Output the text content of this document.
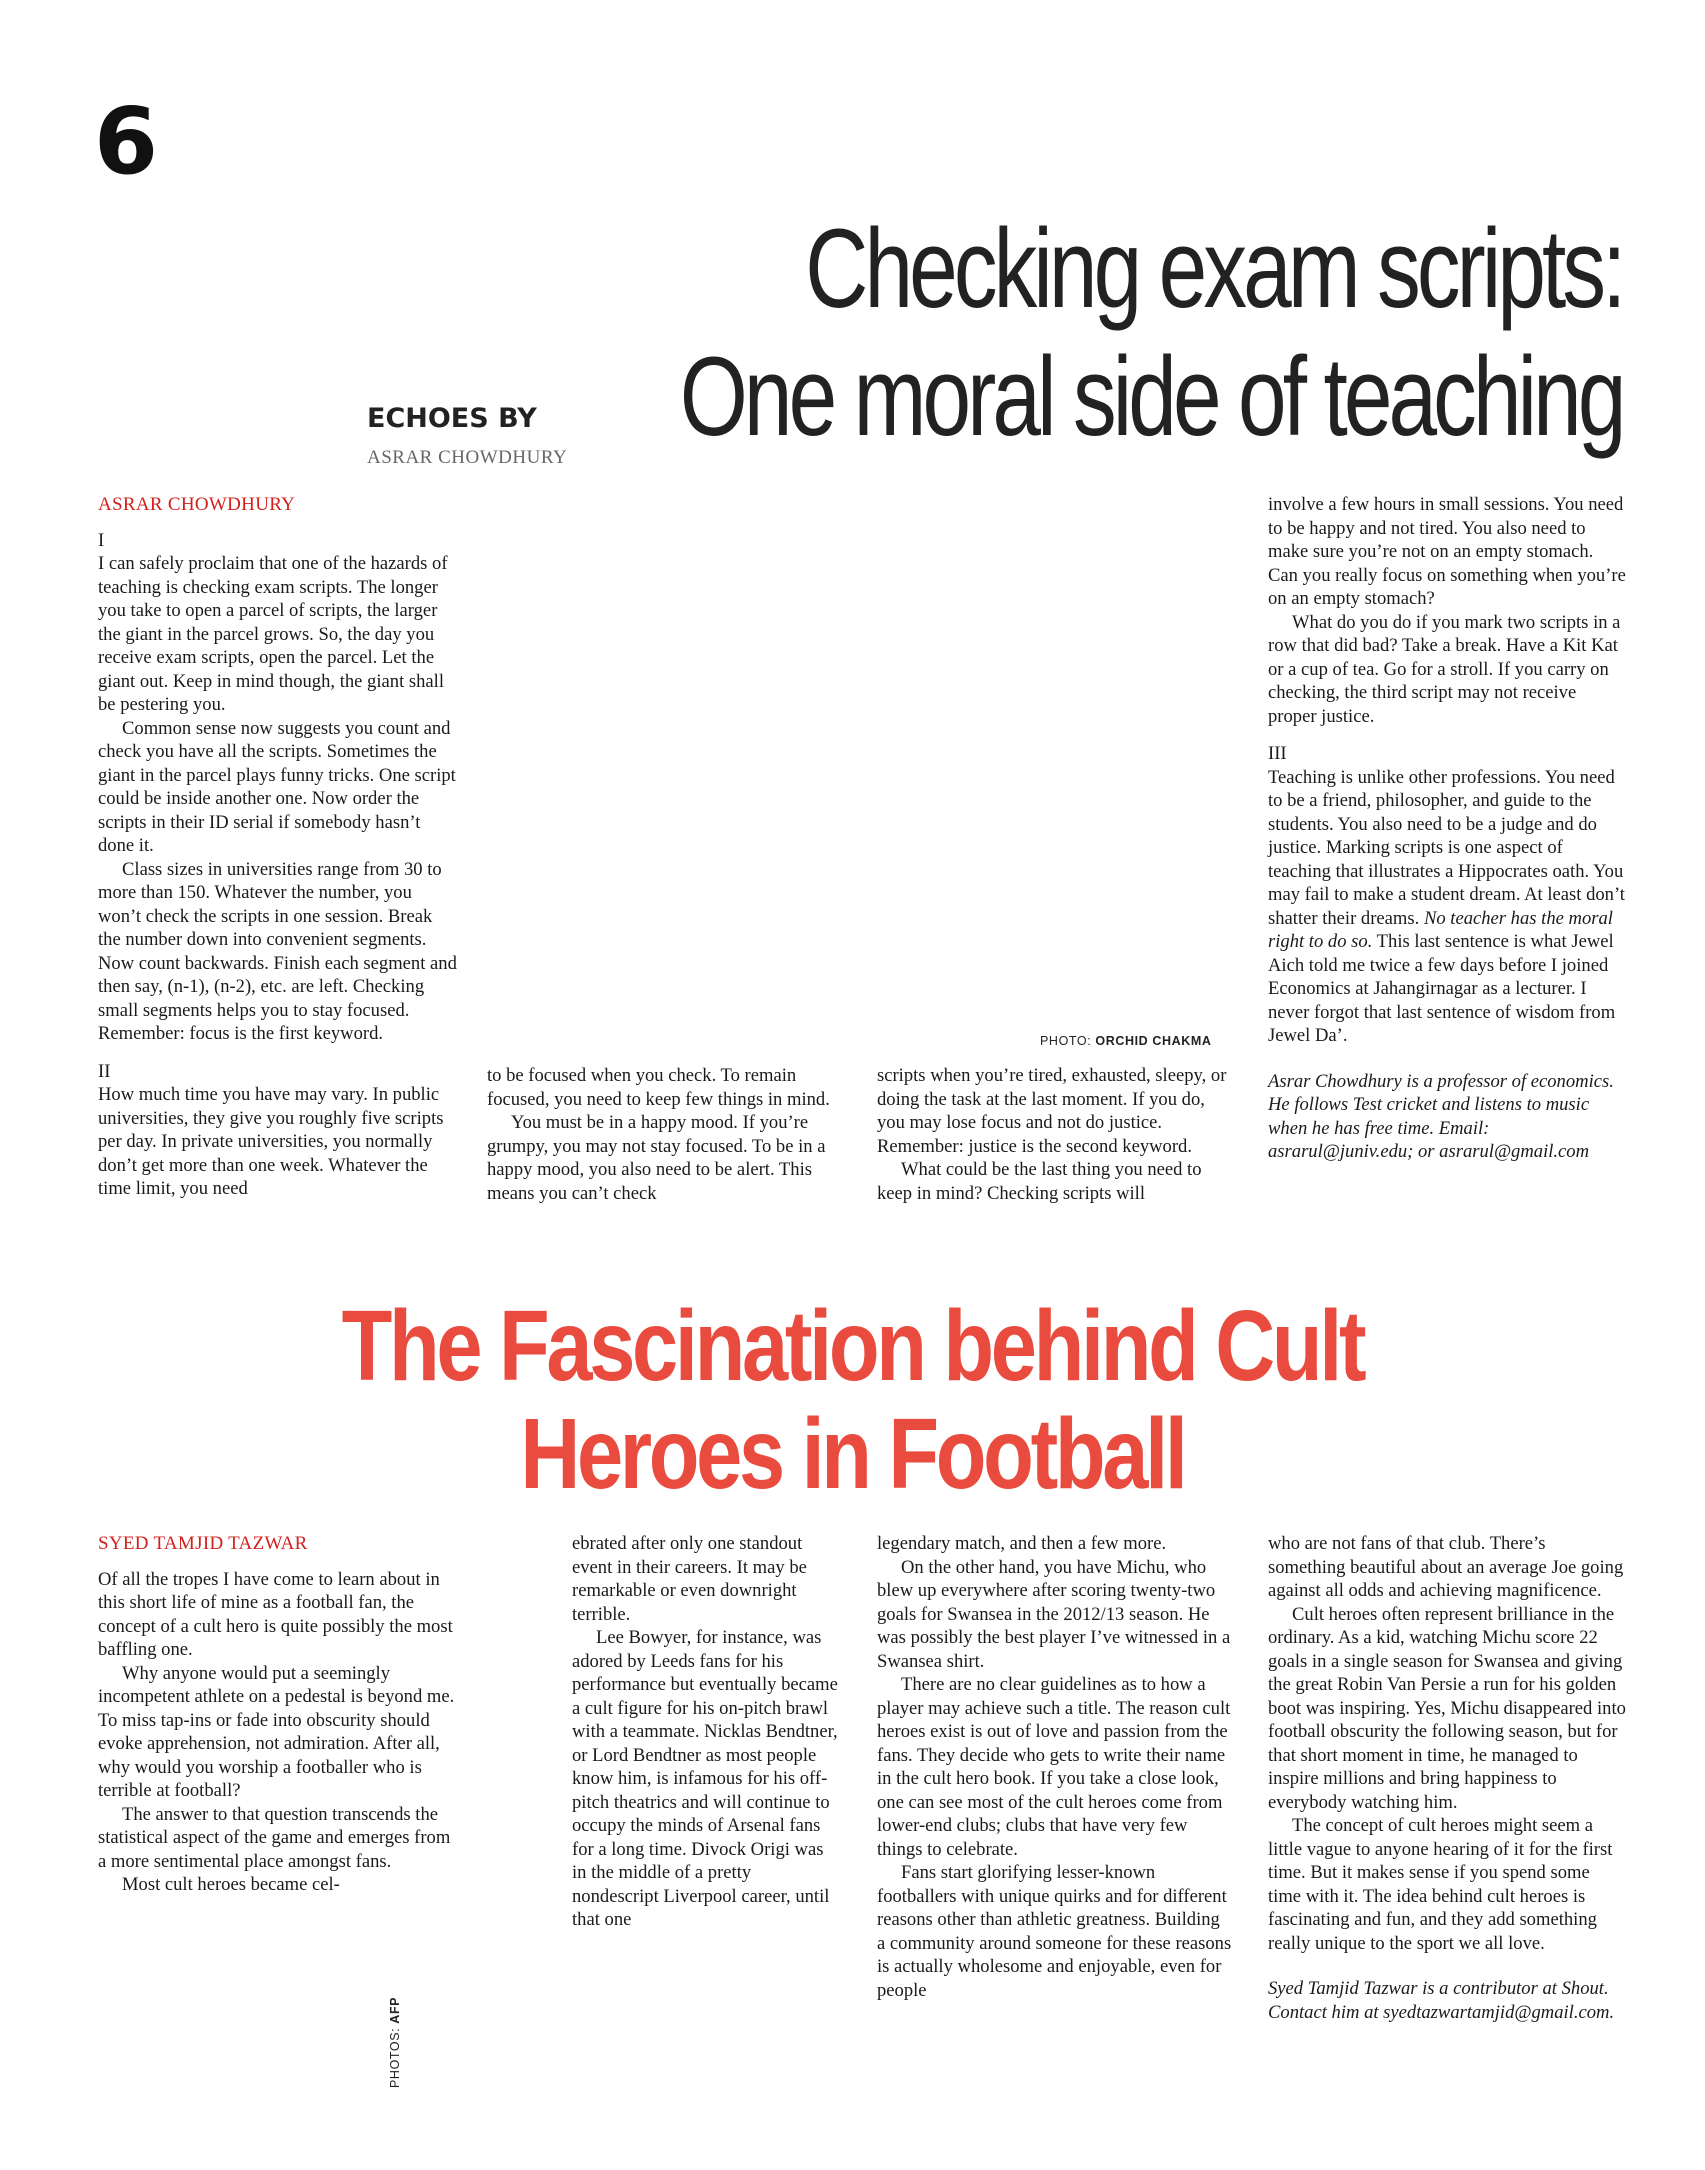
6
Checking exam scripts:
One moral side of teaching
ECHOES BY
ASRAR CHOWDHURY

ASRAR CHOWDHURY

I

I can safely proclaim that one of the hazards of teaching is checking exam scripts. The longer you take to open a parcel of scripts, the larger the giant in the parcel grows. So, the day you receive exam scripts, open the parcel. Let the giant out. Keep in mind though, the giant shall be pestering you.

Common sense now suggests you count and check you have all the scripts. Sometimes the giant in the parcel plays funny tricks. One script could be inside another one. Now order the scripts in their ID serial if somebody hasn’t done it.

Class sizes in universities range from 30 to more than 150. Whatever the number, you won’t check the scripts in one session. Break the number down into convenient segments. Now count backwards. Finish each segment and then say, (n-1), (n-2), etc. are left. Checking small segments helps you to stay focused. Remember: focus is the first keyword.

II

How much time you have may vary. In public universities, they give you roughly five scripts per day. In private universities, you normally don’t get more than one week. Whatever the time limit, you need

PHOTO: ORCHID CHAKMA

to be focused when you check. To remain focused, you need to keep few things in mind.

You must be in a happy mood. If you’re grumpy, you may not stay focused. To be in a happy mood, you also need to be alert. This means you can’t check

scripts when you’re tired, exhausted, sleepy, or doing the task at the last moment. If you do, you may lose focus and not do justice. Remember: justice is the second keyword.

What could be the last thing you need to keep in mind? Checking scripts will

involve a few hours in small sessions. You need to be happy and not tired. You also need to make sure you’re not on an empty stomach. Can you really focus on something when you’re on an empty stomach?

What do you do if you mark two scripts in a row that did bad? Take a break. Have a Kit Kat or a cup of tea. Go for a stroll. If you carry on checking, the third script may not receive proper justice.

III

Teaching is unlike other professions. You need to be a friend, philosopher, and guide to the students. You also need to be a judge and do justice. Marking scripts is one aspect of teaching that illustrates a Hippocrates oath. You may fail to make a student dream. At least don’t shatter their dreams. No teacher has the moral right to do so. This last sentence is what Jewel Aich told me twice a few days before I joined Economics at Jahangirnagar as a lecturer. I never forgot that last sentence of wisdom from Jewel Da’.

Asrar Chowdhury is a professor of economics. He follows Test cricket and listens to music when he has free time. Email: asrarul@juniv.edu; or asrarul@gmail.com

The Fascination behind Cult
Heroes in Football

SYED TAMJID TAZWAR

Of all the tropes I have come to learn about in this short life of mine as a football fan, the concept of a cult hero is quite possibly the most baffling one.

Why anyone would put a seemingly incompetent athlete on a pedestal is beyond me. To miss tap-ins or fade into obscurity should evoke apprehension, not admiration. After all, why would you worship a footballer who is terrible at football?

The answer to that question transcends the statistical aspect of the game and emerges from a more sentimental place amongst fans.

Most cult heroes became cel-

PHOTOS: AFP

ebrated after only one standout event in their careers. It may be remarkable or even downright terrible.

Lee Bowyer, for instance, was adored by Leeds fans for his performance but eventually became a cult figure for his on-pitch brawl with a teammate. Nicklas Bendtner, or Lord Bendtner as most people know him, is infamous for his off-pitch theatrics and will continue to occupy the minds of Arsenal fans for a long time. Divock Origi was in the middle of a pretty nondescript Liverpool career, until that one

legendary match, and then a few more.

On the other hand, you have Michu, who blew up everywhere after scoring twenty-two goals for Swansea in the 2012/13 season. He was possibly the best player I’ve witnessed in a Swansea shirt.

There are no clear guidelines as to how a player may achieve such a title. The reason cult heroes exist is out of love and passion from the fans. They decide who gets to write their name in the cult hero book. If you take a close look, one can see most of the cult heroes come from lower-end clubs; clubs that have very few things to celebrate.

Fans start glorifying lesser-known footballers with unique quirks and for different reasons other than athletic greatness. Building a community around someone for these reasons is actually wholesome and enjoyable, even for people

who are not fans of that club. There’s something beautiful about an average Joe going against all odds and achieving magnificence.

Cult heroes often represent brilliance in the ordinary. As a kid, watching Michu score 22 goals in a single season for Swansea and giving the great Robin Van Persie a run for his golden boot was inspiring. Yes, Michu disappeared into football obscurity the following season, but for that short moment in time, he managed to inspire millions and bring happiness to everybody watching him.

The concept of cult heroes might seem a little vague to anyone hearing of it for the first time. But it makes sense if you spend some time with it. The idea behind cult heroes is fascinating and fun, and they add something really unique to the sport we all love.

Syed Tamjid Tazwar is a contributor at Shout. Contact him at syedtazwartamjid@gmail.com.
